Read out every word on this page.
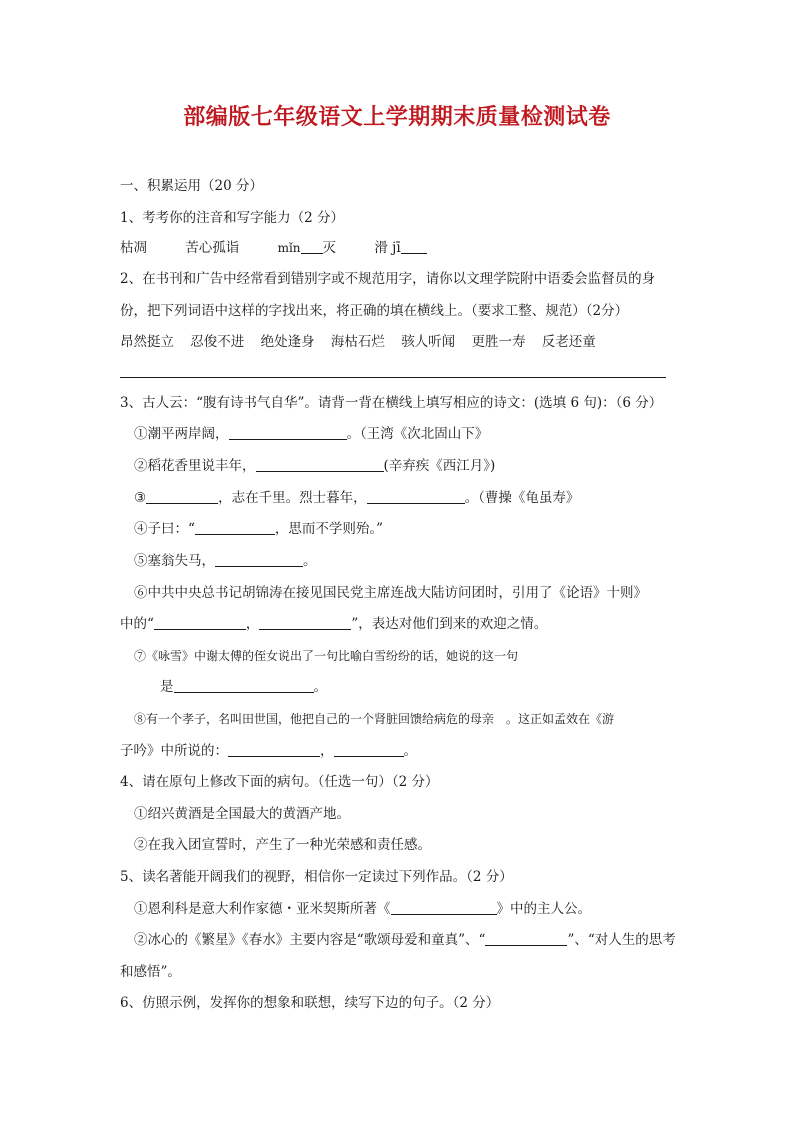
部编版七年级语文上学期期末质量检测试卷
一、积累运用（20 分）
1、考考你的注音和写字能力（2 分）
枯凋	苦心孤诣	mǐn 灭	滑 jī
2、在书刊和广告中经常看到错别字或不规范用字，请你以文理学院附中语委会监督员的身
份，把下列词语中这样的字找出来，将正确的填在横线上。（要求工整、规范）（2分）
昂然挺立 忍俊不进 绝处逢身 海枯石烂 骇人听闻 更胜一寿 反老还童
3、古人云：“腹有诗书气自华”。请背一背在横线上填写相应的诗文：(选填 6 句)：（6 分）
①潮平两岸阔，	。（王湾《次北固山下》
②稻花香里说丰年，	(辛弃疾《西江月》)
③	，志在千里。烈士暮年，	。（曹操《龟虽寿》
④子曰：“	，思而不学则殆。”
⑤塞翁失马，	。
⑥中共中央总书记胡锦涛在接见国民党主席连战大陆访问团时，引用了《论语》十则》
中的“	，	”，表达对他们到来的欢迎之情。
⑦《咏雪》中谢太傅的侄女说出了一句比喻白雪纷纷的话，她说的这一句
是	。
⑧有一个孝子，名叫田世国，他把自己的一个肾脏回馈给病危的母亲　。这正如孟效在《游
子吟》中所说的：	，	。
4、请在原句上修改下面的病句。（任选一句）（2 分）
①绍兴黄酒是全国最大的黄酒产地。
②在我入团宣誓时，产生了一种光荣感和责任感。
5、读名著能开阔我们的视野，相信你一定读过下列作品。（2 分）
①恩利科是意大利作家德・亚米契斯所著《	》中的主人公。
②冰心的《繁星》《春水》主要内容是“歌颂母爱和童真”、“	”、“对人生的思考
和感悟”。
6、仿照示例，发挥你的想象和联想，续写下边的句子。（2 分）
